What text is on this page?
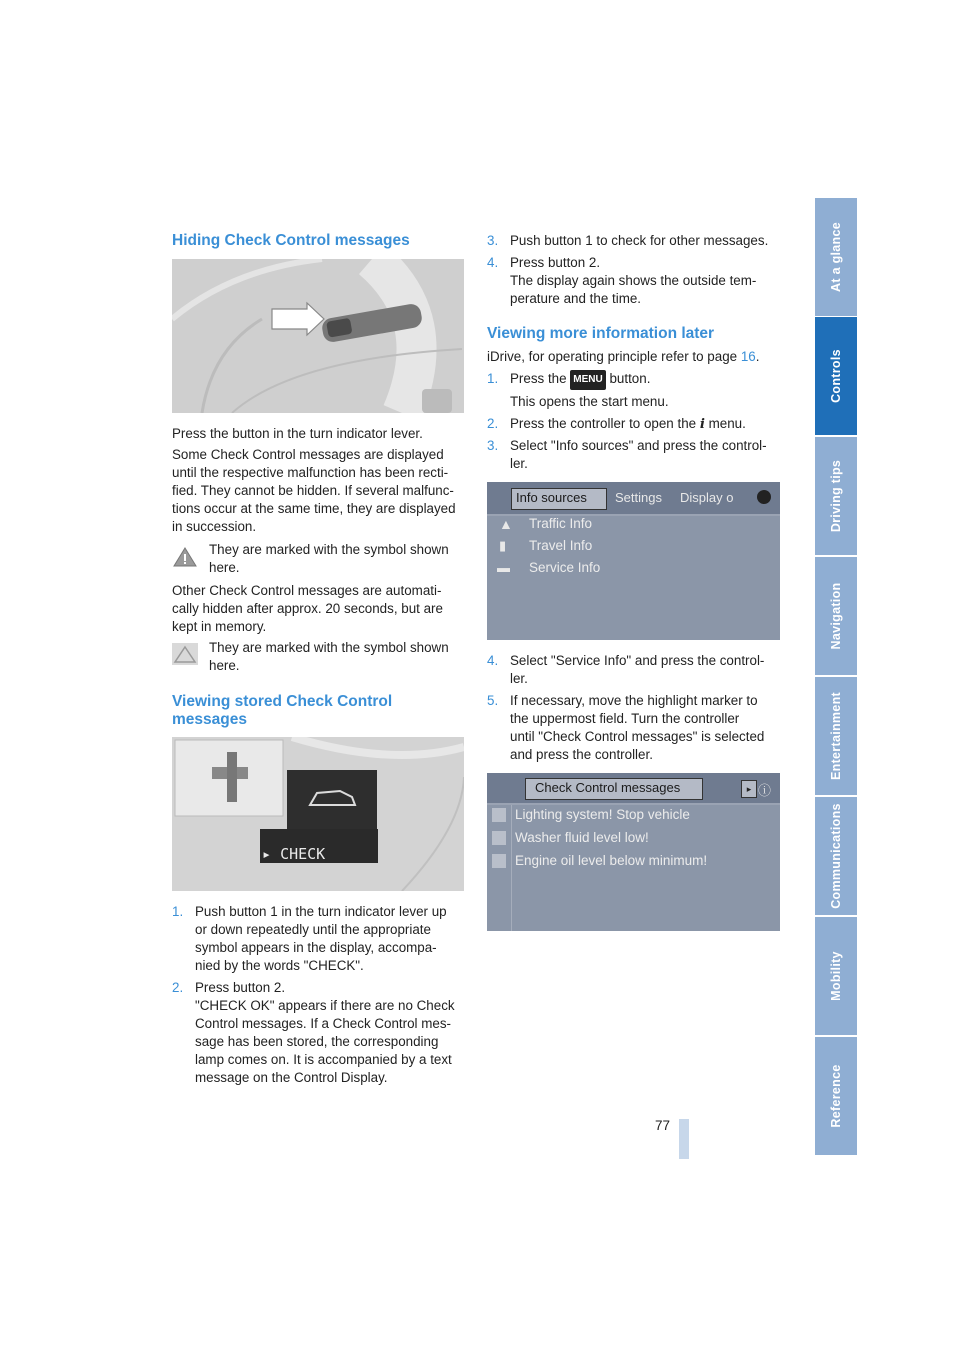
At a glance
Controls
Driving tips
Navigation
Entertainment
Communications
Mobility
Reference
Hiding Check Control messages
Press the button in the turn indicator lever.
Some Check Control messages are displayed
until the respective malfunction has been recti-
fied. They cannot be hidden. If several malfunc-
tions occur at the same time, they are displayed
in succession.
They are marked with the symbol shown
here.
Other Check Control messages are automati-
cally hidden after approx. 20 seconds, but are
kept in memory.
They are marked with the symbol shown
here.
Viewing stored Check Control
messages
▸ CHECK
1. Push button 1 in the turn indicator lever up
or down repeatedly until the appropriate
symbol appears in the display, accompa-
nied by the words "CHECK".
2. Press button 2.
"CHECK OK" appears if there are no Check
Control messages. If a Check Control mes-
sage has been stored, the corresponding
lamp comes on. It is accompanied by a text
message on the Control Display.
3. Push button 1 to check for other messages.
4. Press button 2.
The display again shows the outside tem-
perature and the time.
Viewing more information later
iDrive, for operating principle refer to page 16.
1. Press the MENU button.
This opens the start menu.
2. Press the controller to open the i menu.
3. Select "Info sources" and press the control-
ler.
Info sources Settings Display o
▲ Traffic Info
▮ Travel Info
▬ Service Info
4. Select "Service Info" and press the control-
ler.
5. If necessary, move the highlight marker to
the uppermost field. Turn the controller
until "Check Control messages" is selected
and press the controller.
Check Control messages	▸ ⓘ
Lighting system! Stop vehicle
Washer fluid level low!
Engine oil level below minimum!
77
